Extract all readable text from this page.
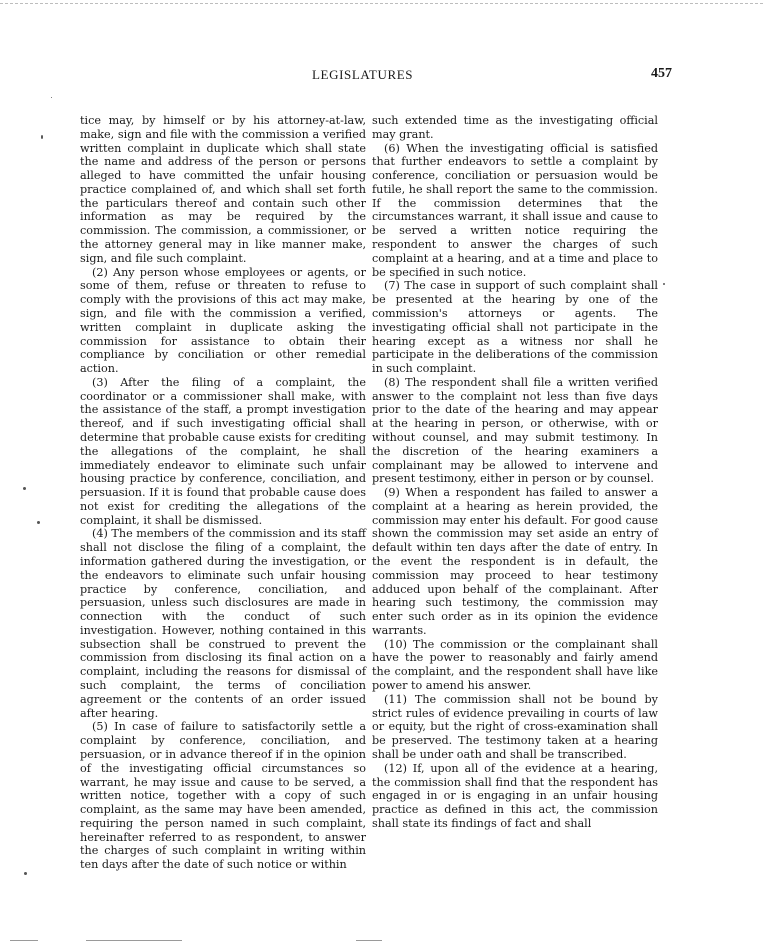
LEGISLATURES	457

tice may, by himself or by his attorney-at-law, make, sign and file with the commission a verified written complaint in duplicate which shall state the name and address of the person or persons alleged to have committed the unfair housing practice complained of, and which shall set forth the particulars thereof and contain such other information as may be required by the commission. The commission, a commissioner, or the attorney general may in like manner make, sign, and file such complaint.

(2) Any person whose employees or agents, or some of them, refuse or threaten to refuse to comply with the provisions of this act may make, sign, and file with the commission a verified, written complaint in duplicate asking the commission for assistance to obtain their compliance by conciliation or other remedial action.

(3) After the filing of a complaint, the coordinator or a commissioner shall make, with the assistance of the staff, a prompt investigation thereof, and if such investigating official shall determine that probable cause exists for crediting the allegations of the complaint, he shall immediately endeavor to eliminate such unfair housing practice by conference, conciliation, and persuasion. If it is found that probable cause does not exist for crediting the allegations of the complaint, it shall be dismissed.

(4) The members of the commission and its staff shall not disclose the filing of a complaint, the information gathered during the investigation, or the endeavors to eliminate such unfair housing practice by conference, conciliation, and persuasion, unless such disclosures are made in connection with the conduct of such investigation. However, nothing contained in this subsection shall be construed to prevent the commission from disclosing its final action on a complaint, including the reasons for dismissal of such complaint, the terms of conciliation agreement or the contents of an order issued after hearing.

(5) In case of failure to satisfactorily settle a complaint by conference, conciliation, and persuasion, or in advance thereof if in the opinion of the investigating official circumstances so warrant, he may issue and cause to be served, a written notice, together with a copy of such complaint, as the same may have been amended, requiring the person named in such complaint, hereinafter referred to as respondent, to answer the charges of such complaint in writing within ten days after the date of such notice or within

such extended time as the investigating official may grant.

(6) When the investigating official is satisfied that further endeavors to settle a complaint by conference, conciliation or persuasion would be futile, he shall report the same to the commission. If the commission determines that the circumstances warrant, it shall issue and cause to be served a written notice requiring the respondent to answer the charges of such complaint at a hearing, and at a time and place to be specified in such notice.

(7) The case in support of such complaint shall be presented at the hearing by one of the commission's attorneys or agents. The investigating official shall not participate in the hearing except as a witness nor shall he participate in the deliberations of the commission in such complaint.

(8) The respondent shall file a written verified answer to the complaint not less than five days prior to the date of the hearing and may appear at the hearing in person, or otherwise, with or without counsel, and may submit testimony. In the discretion of the hearing examiners a complainant may be allowed to intervene and present testimony, either in person or by counsel.

(9) When a respondent has failed to answer a complaint at a hearing as herein provided, the commission may enter his default. For good cause shown the commission may set aside an entry of default within ten days after the date of entry. In the event the respondent is in default, the commission may proceed to hear testimony adduced upon behalf of the complainant. After hearing such testimony, the commission may enter such order as in its opinion the evidence warrants.

(10) The commission or the complainant shall have the power to reasonably and fairly amend the complaint, and the respondent shall have like power to amend his answer.

(11) The commission shall not be bound by strict rules of evidence prevailing in courts of law or equity, but the right of cross-examination shall be preserved. The testimony taken at a hearing shall be under oath and shall be transcribed.

(12) If, upon all of the evidence at a hearing, the commission shall find that the respondent has engaged in or is engaging in an unfair housing practice as defined in this act, the commission shall state its findings of fact and shall
